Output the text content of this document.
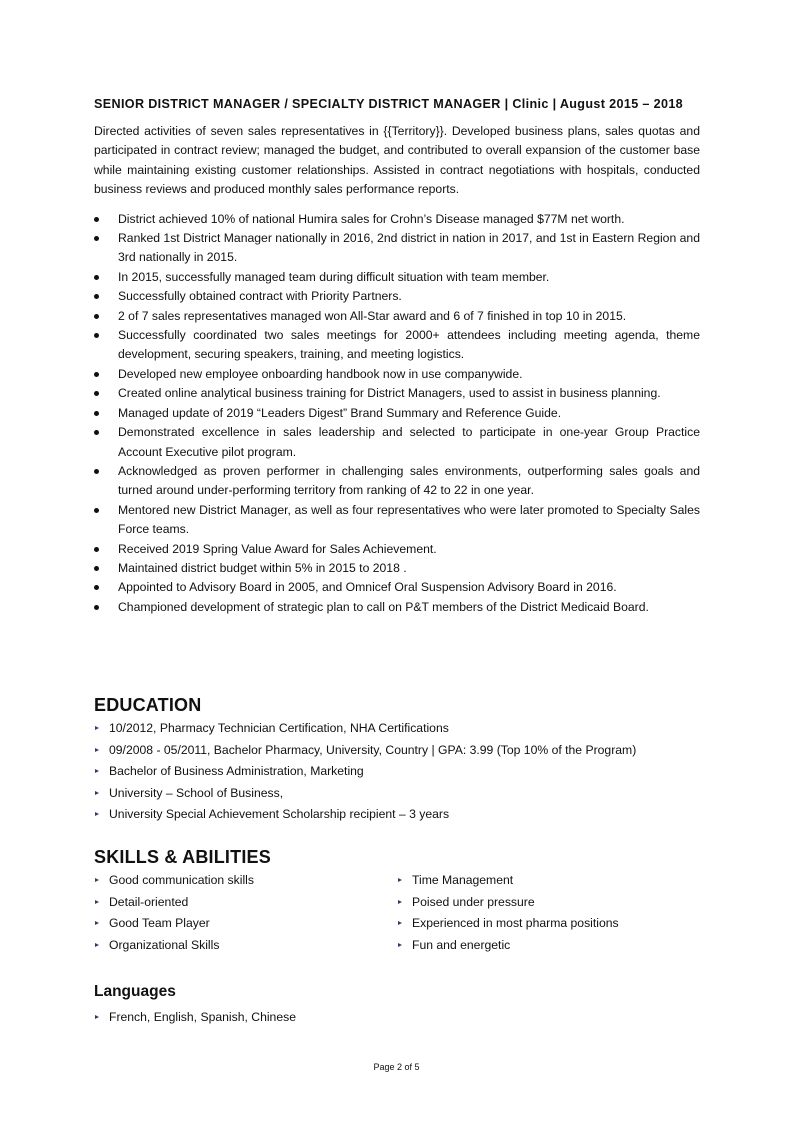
SENIOR DISTRICT MANAGER / SPECIALTY DISTRICT MANAGER | Clinic | August 2015 – 2018

Directed activities of seven sales representatives in {{Territory}}. Developed business plans, sales quotas and participated in contract review; managed the budget, and contributed to overall expansion of the customer base while maintaining existing customer relationships. Assisted in contract negotiations with hospitals, conducted business reviews and produced monthly sales performance reports.

District achieved 10% of national Humira sales for Crohn’s Disease managed $77M net worth.
Ranked 1st District Manager nationally in 2016, 2nd district in nation in 2017, and 1st in Eastern Region and 3rd nationally in 2015.
In 2015, successfully managed team during difficult situation with team member.
Successfully obtained contract with Priority Partners.
2 of 7 sales representatives managed won All-Star award and 6 of 7 finished in top 10 in 2015.
Successfully coordinated two sales meetings for 2000+ attendees including meeting agenda, theme development, securing speakers, training, and meeting logistics.
Developed new employee onboarding handbook now in use companywide.
Created online analytical business training for District Managers, used to assist in business planning.
Managed update of 2019 “Leaders Digest” Brand Summary and Reference Guide.
Demonstrated excellence in sales leadership and selected to participate in one-year Group Practice Account Executive pilot program.
Acknowledged as proven performer in challenging sales environments, outperforming sales goals and turned around under-performing territory from ranking of 42 to 22 in one year.
Mentored new District Manager, as well as four representatives who were later promoted to Specialty Sales Force teams.
Received 2019 Spring Value Award for Sales Achievement.
Maintained district budget within 5% in 2015 to 2018 .
Appointed to Advisory Board in 2005, and Omnicef Oral Suspension Advisory Board in 2016.
Championed development of strategic plan to call on P&T members of the District Medicaid Board.
EDUCATION
10/2012, Pharmacy Technician Certification, NHA Certifications
09/2008 - 05/2011, Bachelor Pharmacy, University, Country | GPA: 3.99 (Top 10% of the Program)
Bachelor of Business Administration, Marketing
University – School of Business,
University Special Achievement Scholarship recipient – 3 years
SKILLS & ABILITIES
Good communication skills
Detail-oriented
Good Team Player
Organizational Skills
Time Management
Poised under pressure
Experienced in most pharma positions
Fun and energetic
Languages
French, English, Spanish, Chinese
Page 2 of 5
